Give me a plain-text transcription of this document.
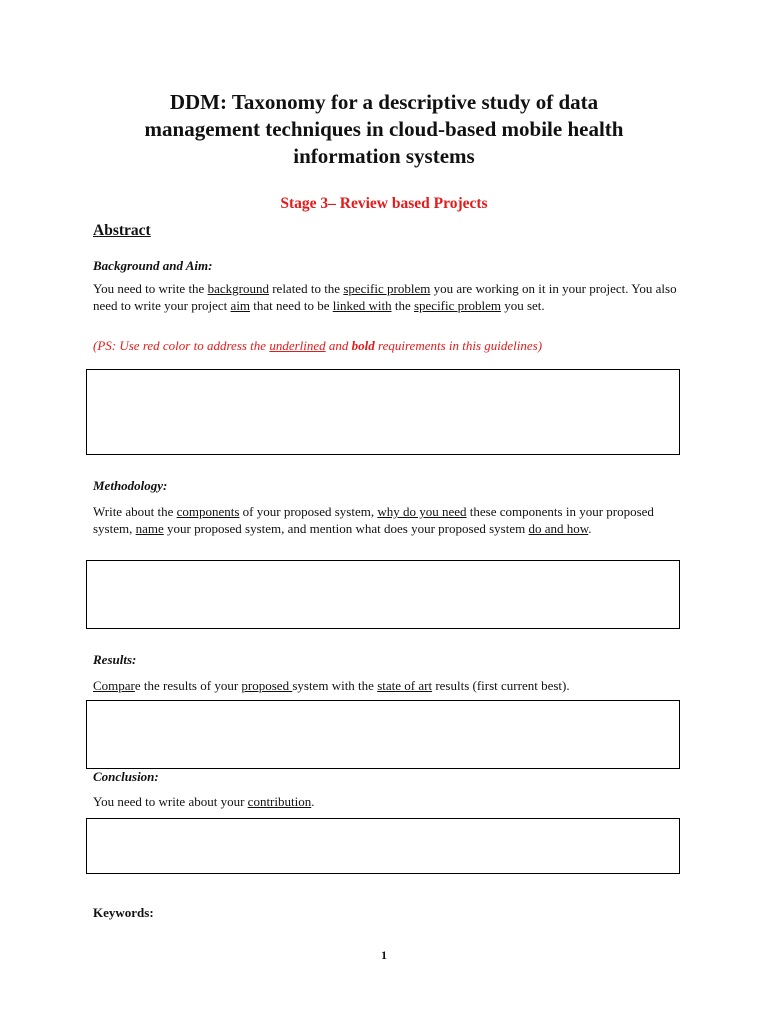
DDM: Taxonomy for a descriptive study of data
management techniques in cloud-based mobile health
information systems

Stage 3– Review based Projects

Abstract

Background and Aim:

You need to write the background related to the specific problem you are working on it in your project. You also need to write your project aim that need to be linked with the specific problem you set.

(PS: Use red color to address the underlined and bold requirements in this guidelines)

Methodology:

Write about the components of your proposed system, why do you need these components in your proposed system, name your proposed system, and mention what does your proposed system do and how.

Results:

Compare the results of your proposed system with the state of art results (first current best).

Conclusion:

You need to write about your contribution.

Keywords:

1
